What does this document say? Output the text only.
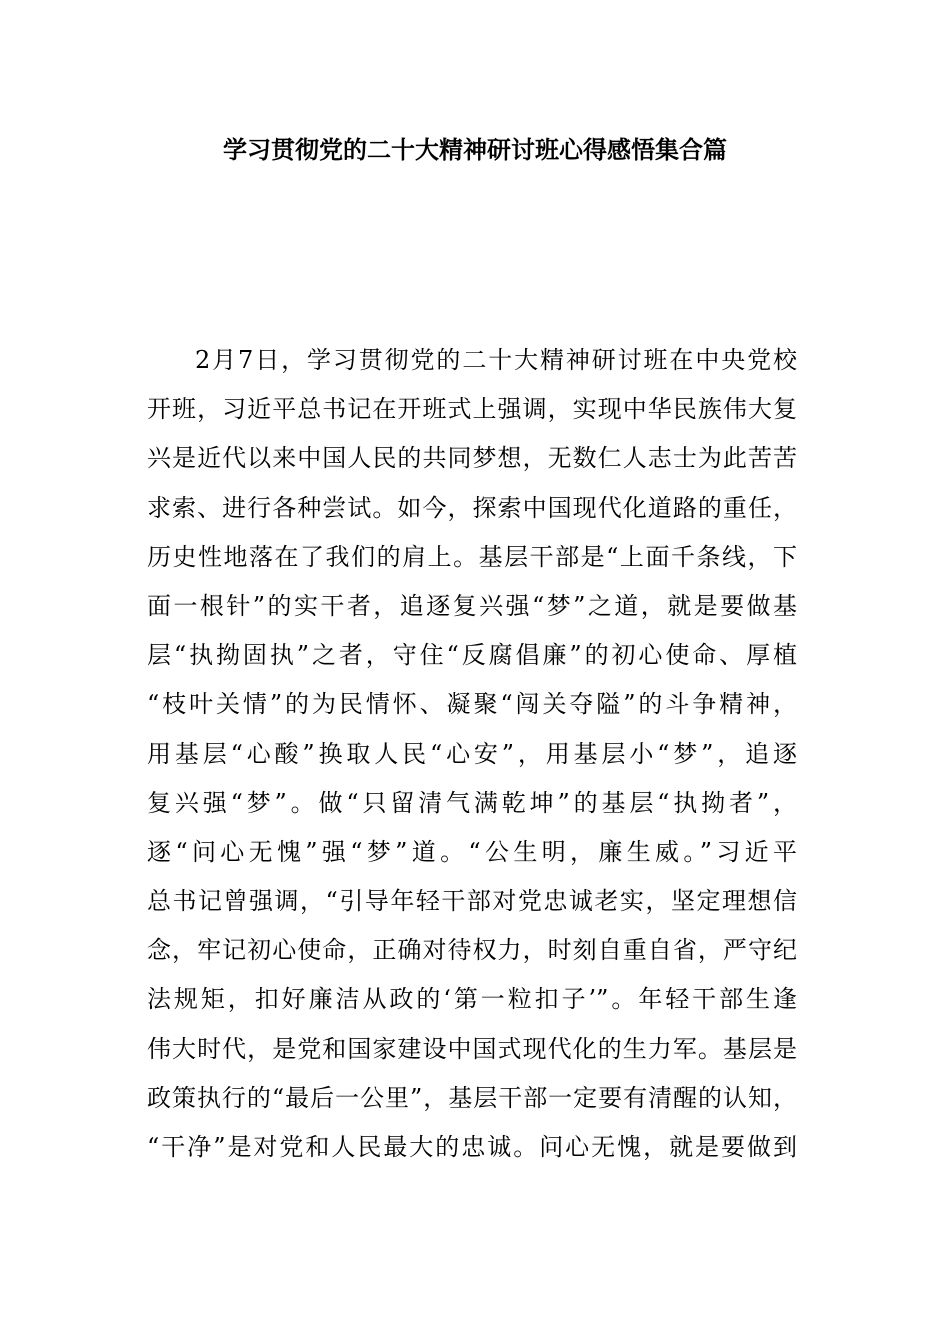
学习贯彻党的二十大精神研讨班心得感悟集合篇
2月7日，学习贯彻党的二十大精神研讨班在中央党校
开班，习近平总书记在开班式上强调，实现中华民族伟大复
兴是近代以来中国人民的共同梦想，无数仁人志士为此苦苦
求索、进行各种尝试。如今，探索中国现代化道路的重任，
历史性地落在了我们的肩上。基层干部是“上面千条线，下
面一根针”的实干者，追逐复兴强“梦”之道，就是要做基
层“执拗固执”之者，守住“反腐倡廉”的初心使命、厚植
“枝叶关情”的为民情怀、凝聚“闯关夺隘”的斗争精神，
用基层“心酸”换取人民“心安”，用基层小“梦”，追逐
复兴强“梦”。做“只留清气满乾坤”的基层“执拗者”，
逐“问心无愧”强“梦”道。“公生明，廉生威。”习近平
总书记曾强调，“引导年轻干部对党忠诚老实，坚定理想信
念，牢记初心使命，正确对待权力，时刻自重自省，严守纪
法规矩，扣好廉洁从政的‘第一粒扣子’”。年轻干部生逢
伟大时代，是党和国家建设中国式现代化的生力军。基层是
政策执行的“最后一公里”，基层干部一定要有清醒的认知，
“干净”是对党和人民最大的忠诚。问心无愧，就是要做到
